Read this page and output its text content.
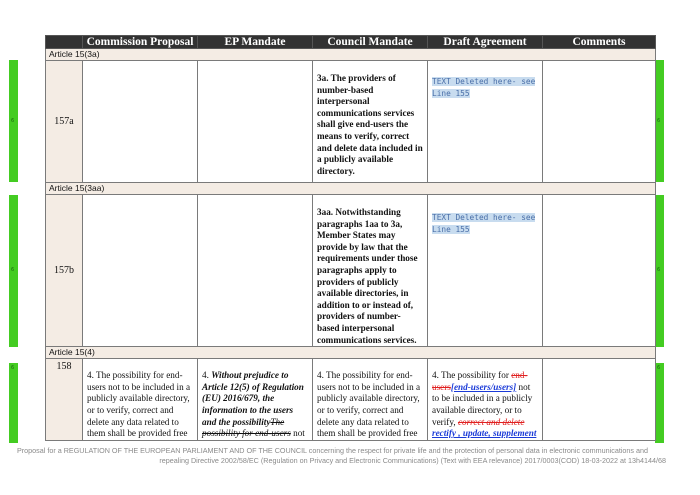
6	6
6	6
6	6
	Commission Proposal	EP Mandate	Council Mandate	Draft Agreement	Comments
Article 15(3a)					
157a			3a. The providers of number-based interpersonal communications services shall give end-users the means to verify, correct and delete data included in a publicly available directory.	TEXT Deleted here- see Line 155	

Article 15(3aa)					
157b			3aa. Notwithstanding paragraphs 1aa to 3a, Member States may provide by law that the requirements under those paragraphs apply to providers of publicly available directories, in addition to or instead of, providers of number-based interpersonal communications services.	TEXT Deleted here- see Line 155	

Article 15(4)					
158	4. The possibility for end-users not to be included in a publicly available directory, or to verify, correct and delete any data related to them shall be provided free	4. Without prejudice to Article 12(5) of Regulation (EU) 2016/679, the information to the users and the possibilityThe possibility for end-users not	4. The possibility for end-users not to be included in a publicly available directory, or to verify, correct and delete any data related to them shall be provided free	4. The possibility for end-users[end-users/users] not to be included in a publicly available directory, or to verify, correct and delete rectify , update, supplement	

Proposal for a REGULATION OF THE EUROPEAN PARLIAMENT AND OF THE COUNCIL concerning the respect for private life and the protection of personal data in electronic communications and repealing Directive 2002/58/EC (Regulation on Privacy and Electronic Communications) (Text with EEA relevance) 2017/0003(COD) 18-03-2022 at 13h41 44/68
